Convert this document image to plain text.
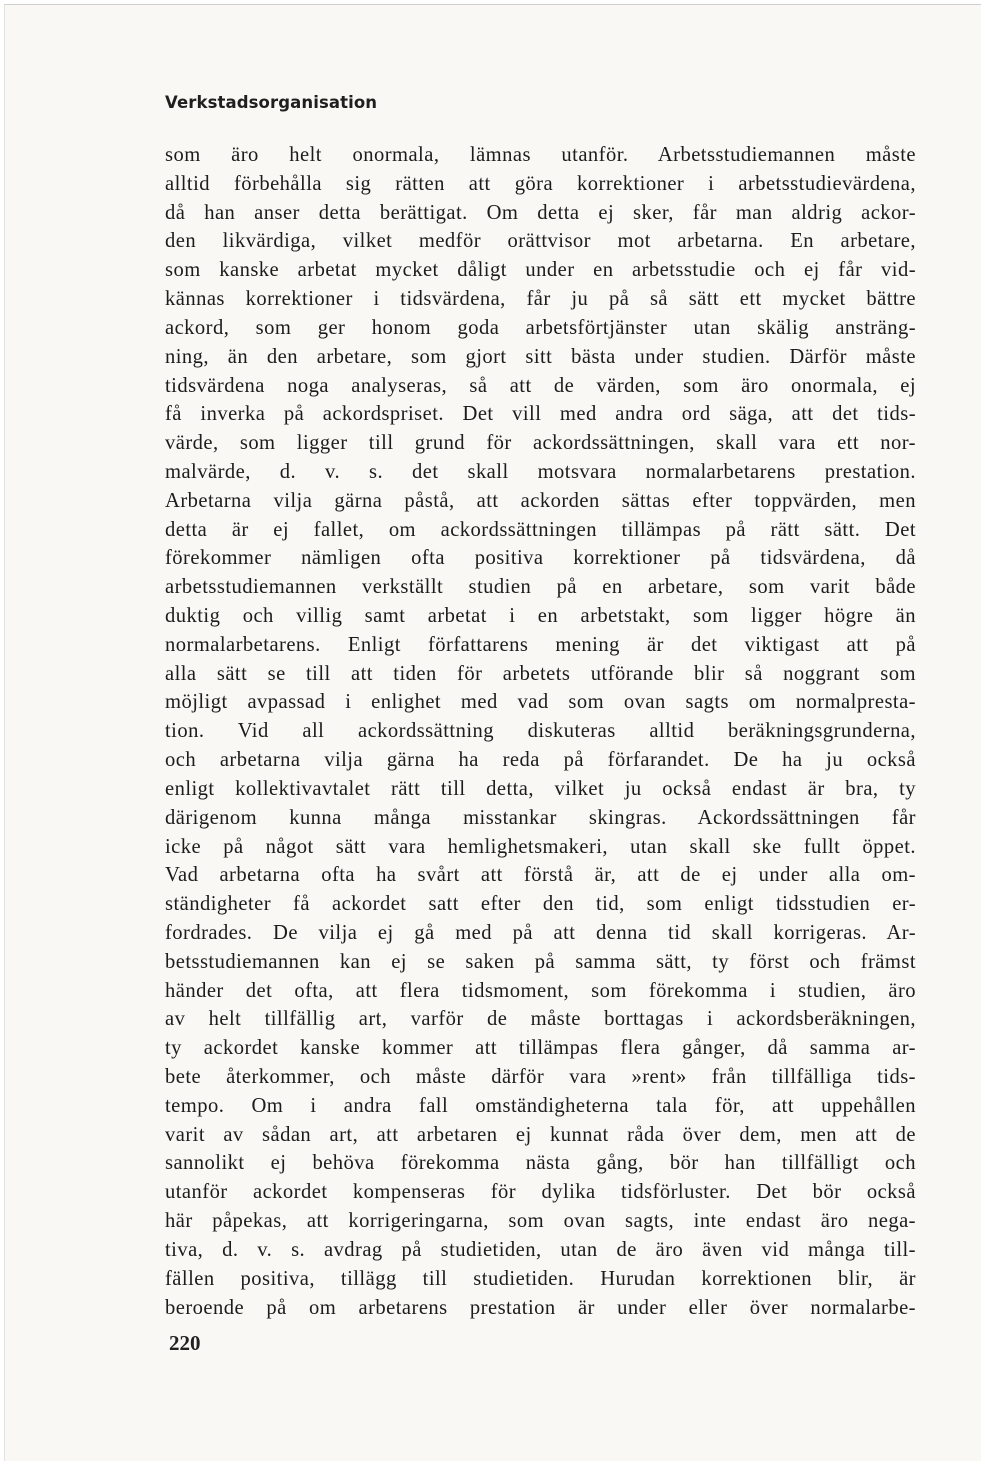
Verkstadsorganisation
som äro helt onormala, lämnas utanför. Arbetsstudiemannen måste
alltid förbehålla sig rätten att göra korrektioner i arbetsstudievärdena,
då han anser detta berättigat. Om detta ej sker, får man aldrig ackor-
den likvärdiga, vilket medför orättvisor mot arbetarna. En arbetare,
som kanske arbetat mycket dåligt under en arbetsstudie och ej får vid-
kännas korrektioner i tidsvärdena, får ju på så sätt ett mycket bättre
ackord, som ger honom goda arbetsförtjänster utan skälig ansträng-
ning, än den arbetare, som gjort sitt bästa under studien. Därför måste
tidsvärdena noga analyseras, så att de värden, som äro onormala, ej
få inverka på ackordspriset. Det vill med andra ord säga, att det tids-
värde, som ligger till grund för ackordssättningen, skall vara ett nor-
malvärde, d. v. s. det skall motsvara normalarbetarens prestation.
Arbetarna vilja gärna påstå, att ackorden sättas efter toppvärden, men
detta är ej fallet, om ackordssättningen tillämpas på rätt sätt. Det
förekommer nämligen ofta positiva korrektioner på tidsvärdena, då
arbetsstudiemannen verkställt studien på en arbetare, som varit både
duktig och villig samt arbetat i en arbetstakt, som ligger högre än
normalarbetarens. Enligt författarens mening är det viktigast att på
alla sätt se till att tiden för arbetets utförande blir så noggrant som
möjligt avpassad i enlighet med vad som ovan sagts om normalpresta-
tion. Vid all ackordssättning diskuteras alltid beräkningsgrunderna,
och arbetarna vilja gärna ha reda på förfarandet. De ha ju också
enligt kollektivavtalet rätt till detta, vilket ju också endast är bra, ty
därigenom kunna många misstankar skingras. Ackordssättningen får
icke på något sätt vara hemlighetsmakeri, utan skall ske fullt öppet.
Vad arbetarna ofta ha svårt att förstå är, att de ej under alla om-
ständigheter få ackordet satt efter den tid, som enligt tidsstudien er-
fordrades. De vilja ej gå med på att denna tid skall korrigeras. Ar-
betsstudiemannen kan ej se saken på samma sätt, ty först och främst
händer det ofta, att flera tidsmoment, som förekomma i studien, äro
av helt tillfällig art, varför de måste borttagas i ackordsberäkningen,
ty ackordet kanske kommer att tillämpas flera gånger, då samma ar-
bete återkommer, och måste därför vara »rent» från tillfälliga tids-
tempo. Om i andra fall omständigheterna tala för, att uppehållen
varit av sådan art, att arbetaren ej kunnat råda över dem, men att de
sannolikt ej behöva förekomma nästa gång, bör han tillfälligt och
utanför ackordet kompenseras för dylika tidsförluster. Det bör också
här påpekas, att korrigeringarna, som ovan sagts, inte endast äro nega-
tiva, d. v. s. avdrag på studietiden, utan de äro även vid många till-
fällen positiva, tillägg till studietiden. Hurudan korrektionen blir, är
beroende på om arbetarens prestation är under eller över normalarbe-
220
